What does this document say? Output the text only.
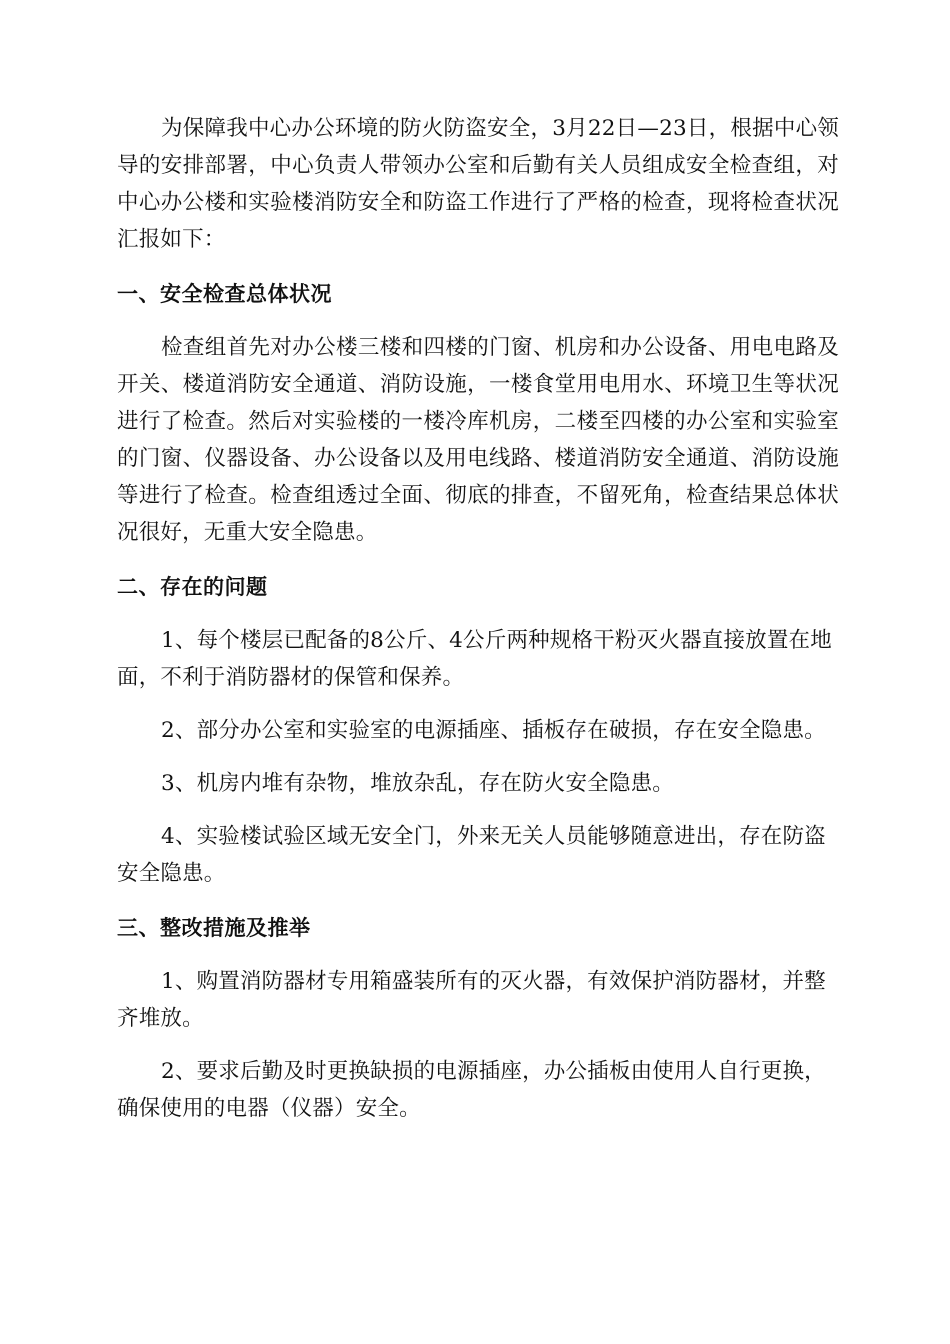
为保障我中心办公环境的防火防盗安全，3月22日—23日，根据中心领导的安排部署，中心负责人带领办公室和后勤有关人员组成安全检查组，对中心办公楼和实验楼消防安全和防盗工作进行了严格的检查，现将检查状况汇报如下：

一、安全检查总体状况

检查组首先对办公楼三楼和四楼的门窗、机房和办公设备、用电电路及开关、楼道消防安全通道、消防设施，一楼食堂用电用水、环境卫生等状况进行了检查。然后对实验楼的一楼冷库机房，二楼至四楼的办公室和实验室的门窗、仪器设备、办公设备以及用电线路、楼道消防安全通道、消防设施等进行了检查。检查组透过全面、彻底的排查，不留死角，检查结果总体状况很好，无重大安全隐患。

二、存在的问题

1、每个楼层已配备的8公斤、4公斤两种规格干粉灭火器直接放置在地面，不利于消防器材的保管和保养。

2、部分办公室和实验室的电源插座、插板存在破损，存在安全隐患。

3、机房内堆有杂物，堆放杂乱，存在防火安全隐患。

4、实验楼试验区域无安全门，外来无关人员能够随意进出，存在防盗安全隐患。

三、整改措施及推举

1、购置消防器材专用箱盛装所有的灭火器，有效保护消防器材，并整齐堆放。

2、要求后勤及时更换缺损的电源插座，办公插板由使用人自行更换，确保使用的电器（仪器）安全。
